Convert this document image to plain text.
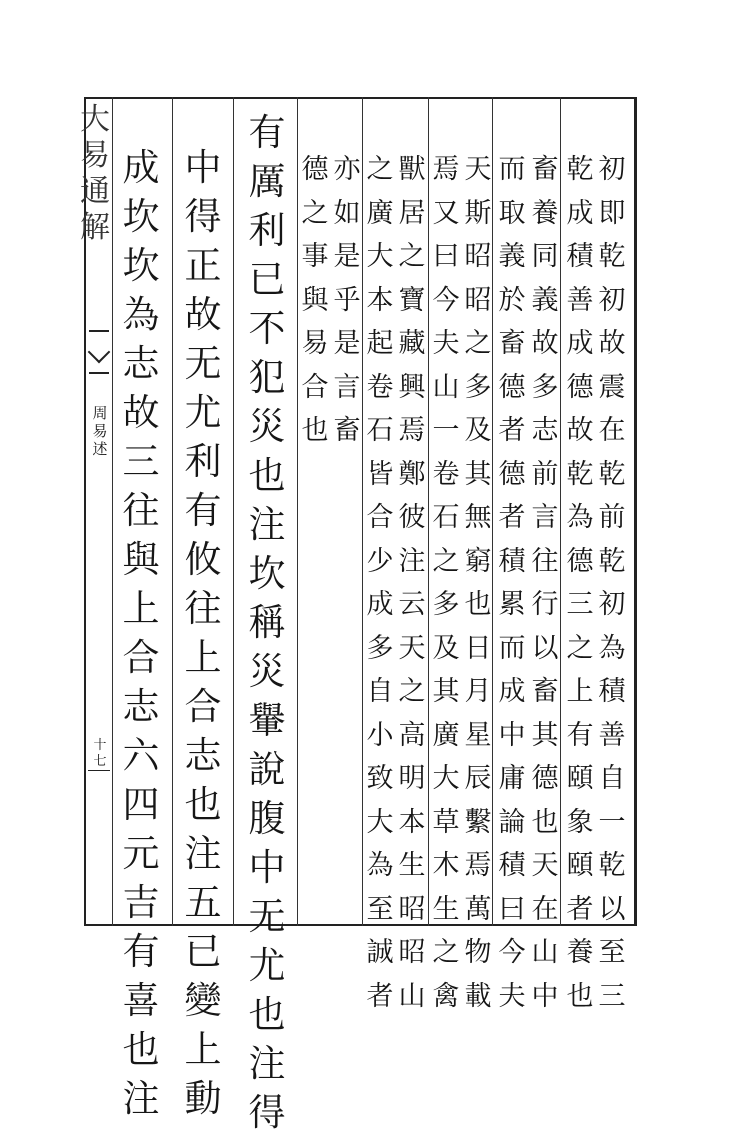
大
易
通
解
周
易
述
十
七
初
即
乾
初
故
震
在
乾
前
乾
初
為
積
善
自
一
乾
以
至
三
乾
成
積
善
成
德
故
乾
為
德
三
之
上
有
頤
象
頤
者
養
也
畜
養
同
義
故
多
志
前
言
往
行
以
畜
其
德
也
天
在
山
中
而
取
義
於
畜
德
者
德
者
積
累
而
成
中
庸
論
積
曰
今
夫
天
斯
昭
昭
之
多
及
其
無
窮
也
日
月
星
辰
繫
焉
萬
物
載
焉
又
曰
今
夫
山
一
卷
石
之
多
及
其
廣
大
草
木
生
之
禽
獸
居
之
寶
藏
興
焉
鄭
彼
注
云
天
之
高
明
本
生
昭
昭
山
之
廣
大
本
起
卷
石
皆
合
少
成
多
自
小
致
大
為
至
誠
者
亦
如
是
乎
是
言
畜
德
之
事
與
易
合
也
有
厲
利
已
不
犯
災
也
注
坎
稱
災
轝
說
腹
中
无
尤
也
注
得
中
得
正
故
无
尤
利
有
攸
往
上
合
志
也
注
五
已
變
上
動
成
坎
坎
為
志
故
三
往
與
上
合
志
六
四
元
吉
有
喜
也
注
